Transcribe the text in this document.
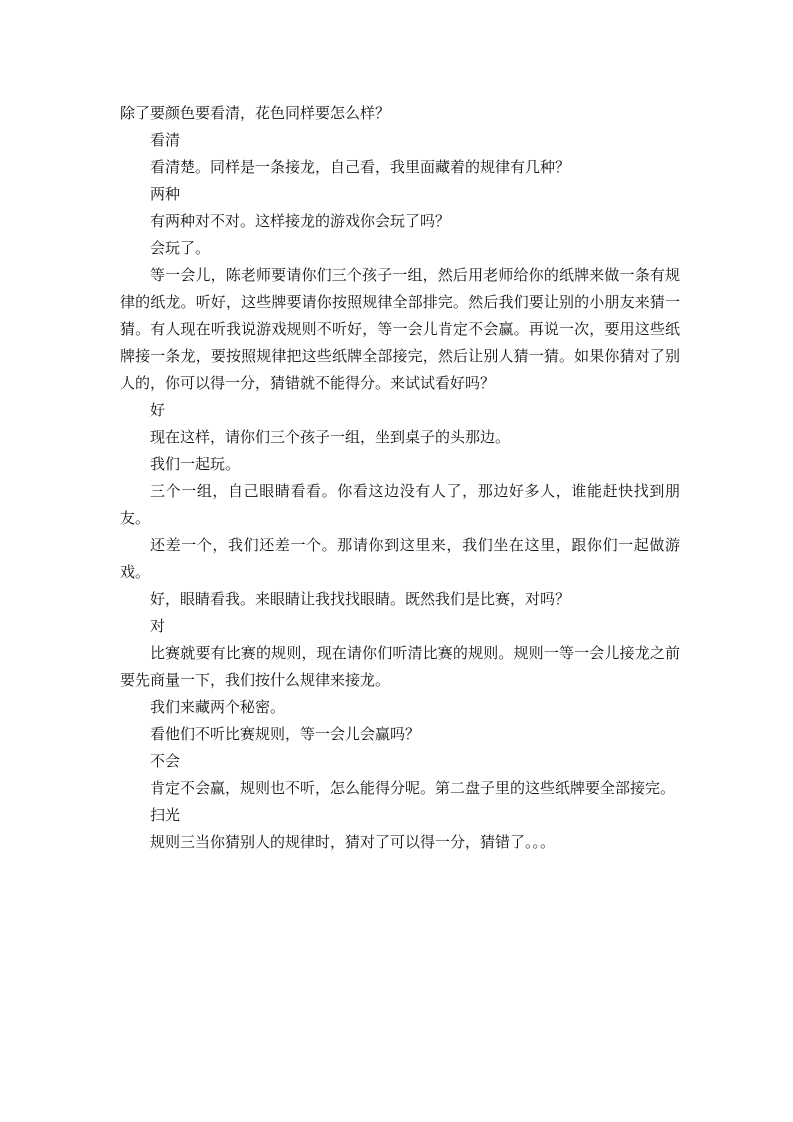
除了要颜色要看清，花色同样要怎么样？

看清

看清楚。同样是一条接龙，自己看，我里面藏着的规律有几种？

两种

有两种对不对。这样接龙的游戏你会玩了吗？

会玩了。

等一会儿，陈老师要请你们三个孩子一组，然后用老师给你的纸牌来做一条有规律的纸龙。听好，这些牌要请你按照规律全部排完。然后我们要让别的小朋友来猜一猜。有人现在听我说游戏规则不听好，等一会儿肯定不会赢。再说一次，要用这些纸牌接一条龙，要按照规律把这些纸牌全部接完，然后让别人猜一猜。如果你猜对了别人的，你可以得一分，猜错就不能得分。来试试看好吗？

好

现在这样，请你们三个孩子一组，坐到桌子的头那边。

我们一起玩。

三个一组，自己眼睛看看。你看这边没有人了，那边好多人，谁能赶快找到朋友。

还差一个，我们还差一个。那请你到这里来，我们坐在这里，跟你们一起做游戏。

好，眼睛看我。来眼睛让我找找眼睛。既然我们是比赛，对吗？

对

比赛就要有比赛的规则，现在请你们听清比赛的规则。规则一等一会儿接龙之前要先商量一下，我们按什么规律来接龙。

我们来藏两个秘密。

看他们不听比赛规则，等一会儿会赢吗？

不会

肯定不会赢，规则也不听，怎么能得分呢。第二盘子里的这些纸牌要全部接完。

扫光

规则三当你猜别人的规律时，猜对了可以得一分，猜错了。。。
